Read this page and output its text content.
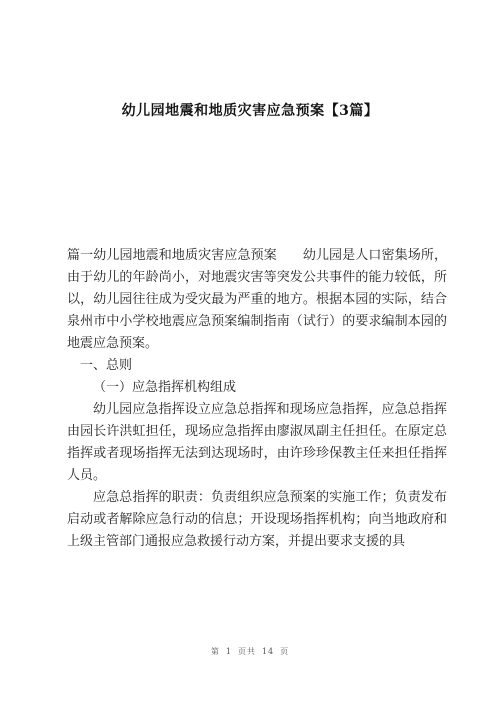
幼儿园地震和地质灾害应急预案【3篇】

篇一幼儿园地震和地质灾害应急预案 幼儿园是人口密集场所，由于幼儿的年龄尚小，对地震灾害等突发公共事件的能力较低，所以，幼儿园往往成为受灾最为严重的地方。根据本园的实际，结合泉州市中小学校地震应急预案编制指南（试行）的要求编制本园的地震应急预案。

一、总则

（一）应急指挥机构组成

幼儿园应急指挥设立应急总指挥和现场应急指挥，应急总指挥由园长许洪虹担任，现场应急指挥由廖淑凤副主任担任。在原定总指挥或者现场指挥无法到达现场时，由许珍珍保教主任来担任指挥人员。

应急总指挥的职责：负责组织应急预案的实施工作；负责发布启动或者解除应急行动的信息；开设现场指挥机构；向当地政府和上级主管部门通报应急救援行动方案，并提出要求支援的具

第 1 页共 14 页
